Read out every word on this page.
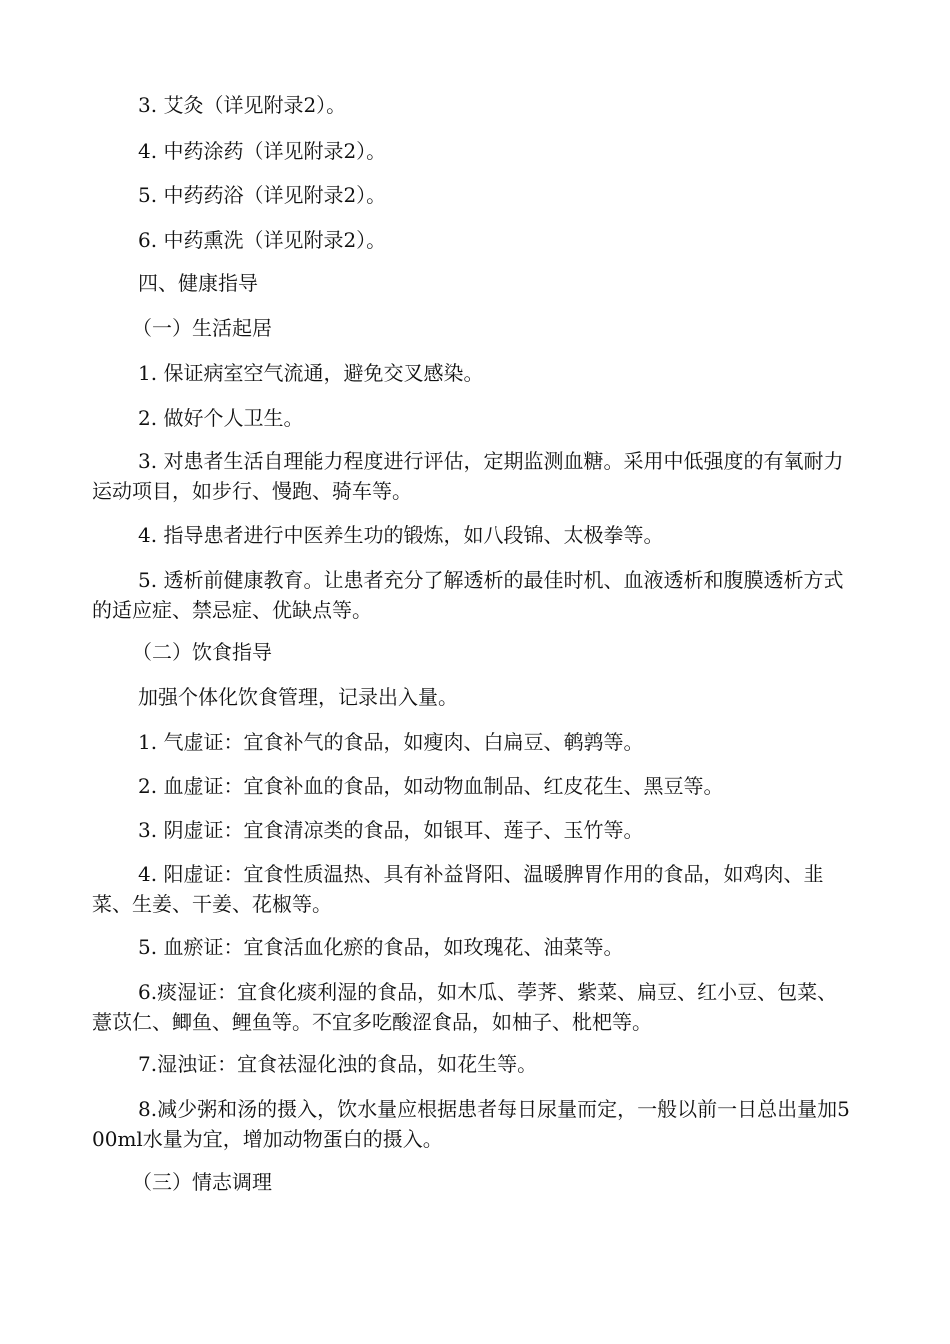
3. 艾灸（详见附录2）。

4. 中药涂药（详见附录2）。

5. 中药药浴（详见附录2）。

6. 中药熏洗（详见附录2）。

四、健康指导

（一）生活起居

1. 保证病室空气流通，避免交叉感染。

2. 做好个人卫生。

3. 对患者生活自理能力程度进行评估，定期监测血糖。采用中低强度的有氧耐力运动项目，如步行、慢跑、骑车等。

4. 指导患者进行中医养生功的锻炼，如八段锦、太极拳等。

5. 透析前健康教育。让患者充分了解透析的最佳时机、血液透析和腹膜透析方式的适应症、禁忌症、优缺点等。

（二）饮食指导

加强个体化饮食管理，记录出入量。

1. 气虚证：宜食补气的食品，如瘦肉、白扁豆、鹌鹑等。

2. 血虚证：宜食补血的食品，如动物血制品、红皮花生、黑豆等。

3. 阴虚证：宜食清凉类的食品，如银耳、莲子、玉竹等。

4. 阳虚证：宜食性质温热、具有补益肾阳、温暖脾胃作用的食品，如鸡肉、韭菜、生姜、干姜、花椒等。

5. 血瘀证：宜食活血化瘀的食品，如玫瑰花、油菜等。

6.痰湿证：宜食化痰利湿的食品，如木瓜、荸荠、紫菜、扁豆、红小豆、包菜、薏苡仁、鲫鱼、鲤鱼等。不宜多吃酸涩食品，如柚子、枇杷等。

7.湿浊证：宜食祛湿化浊的食品，如花生等。

8.减少粥和汤的摄入，饮水量应根据患者每日尿量而定，一般以前一日总出量加500ml水量为宜，增加动物蛋白的摄入。

（三）情志调理
